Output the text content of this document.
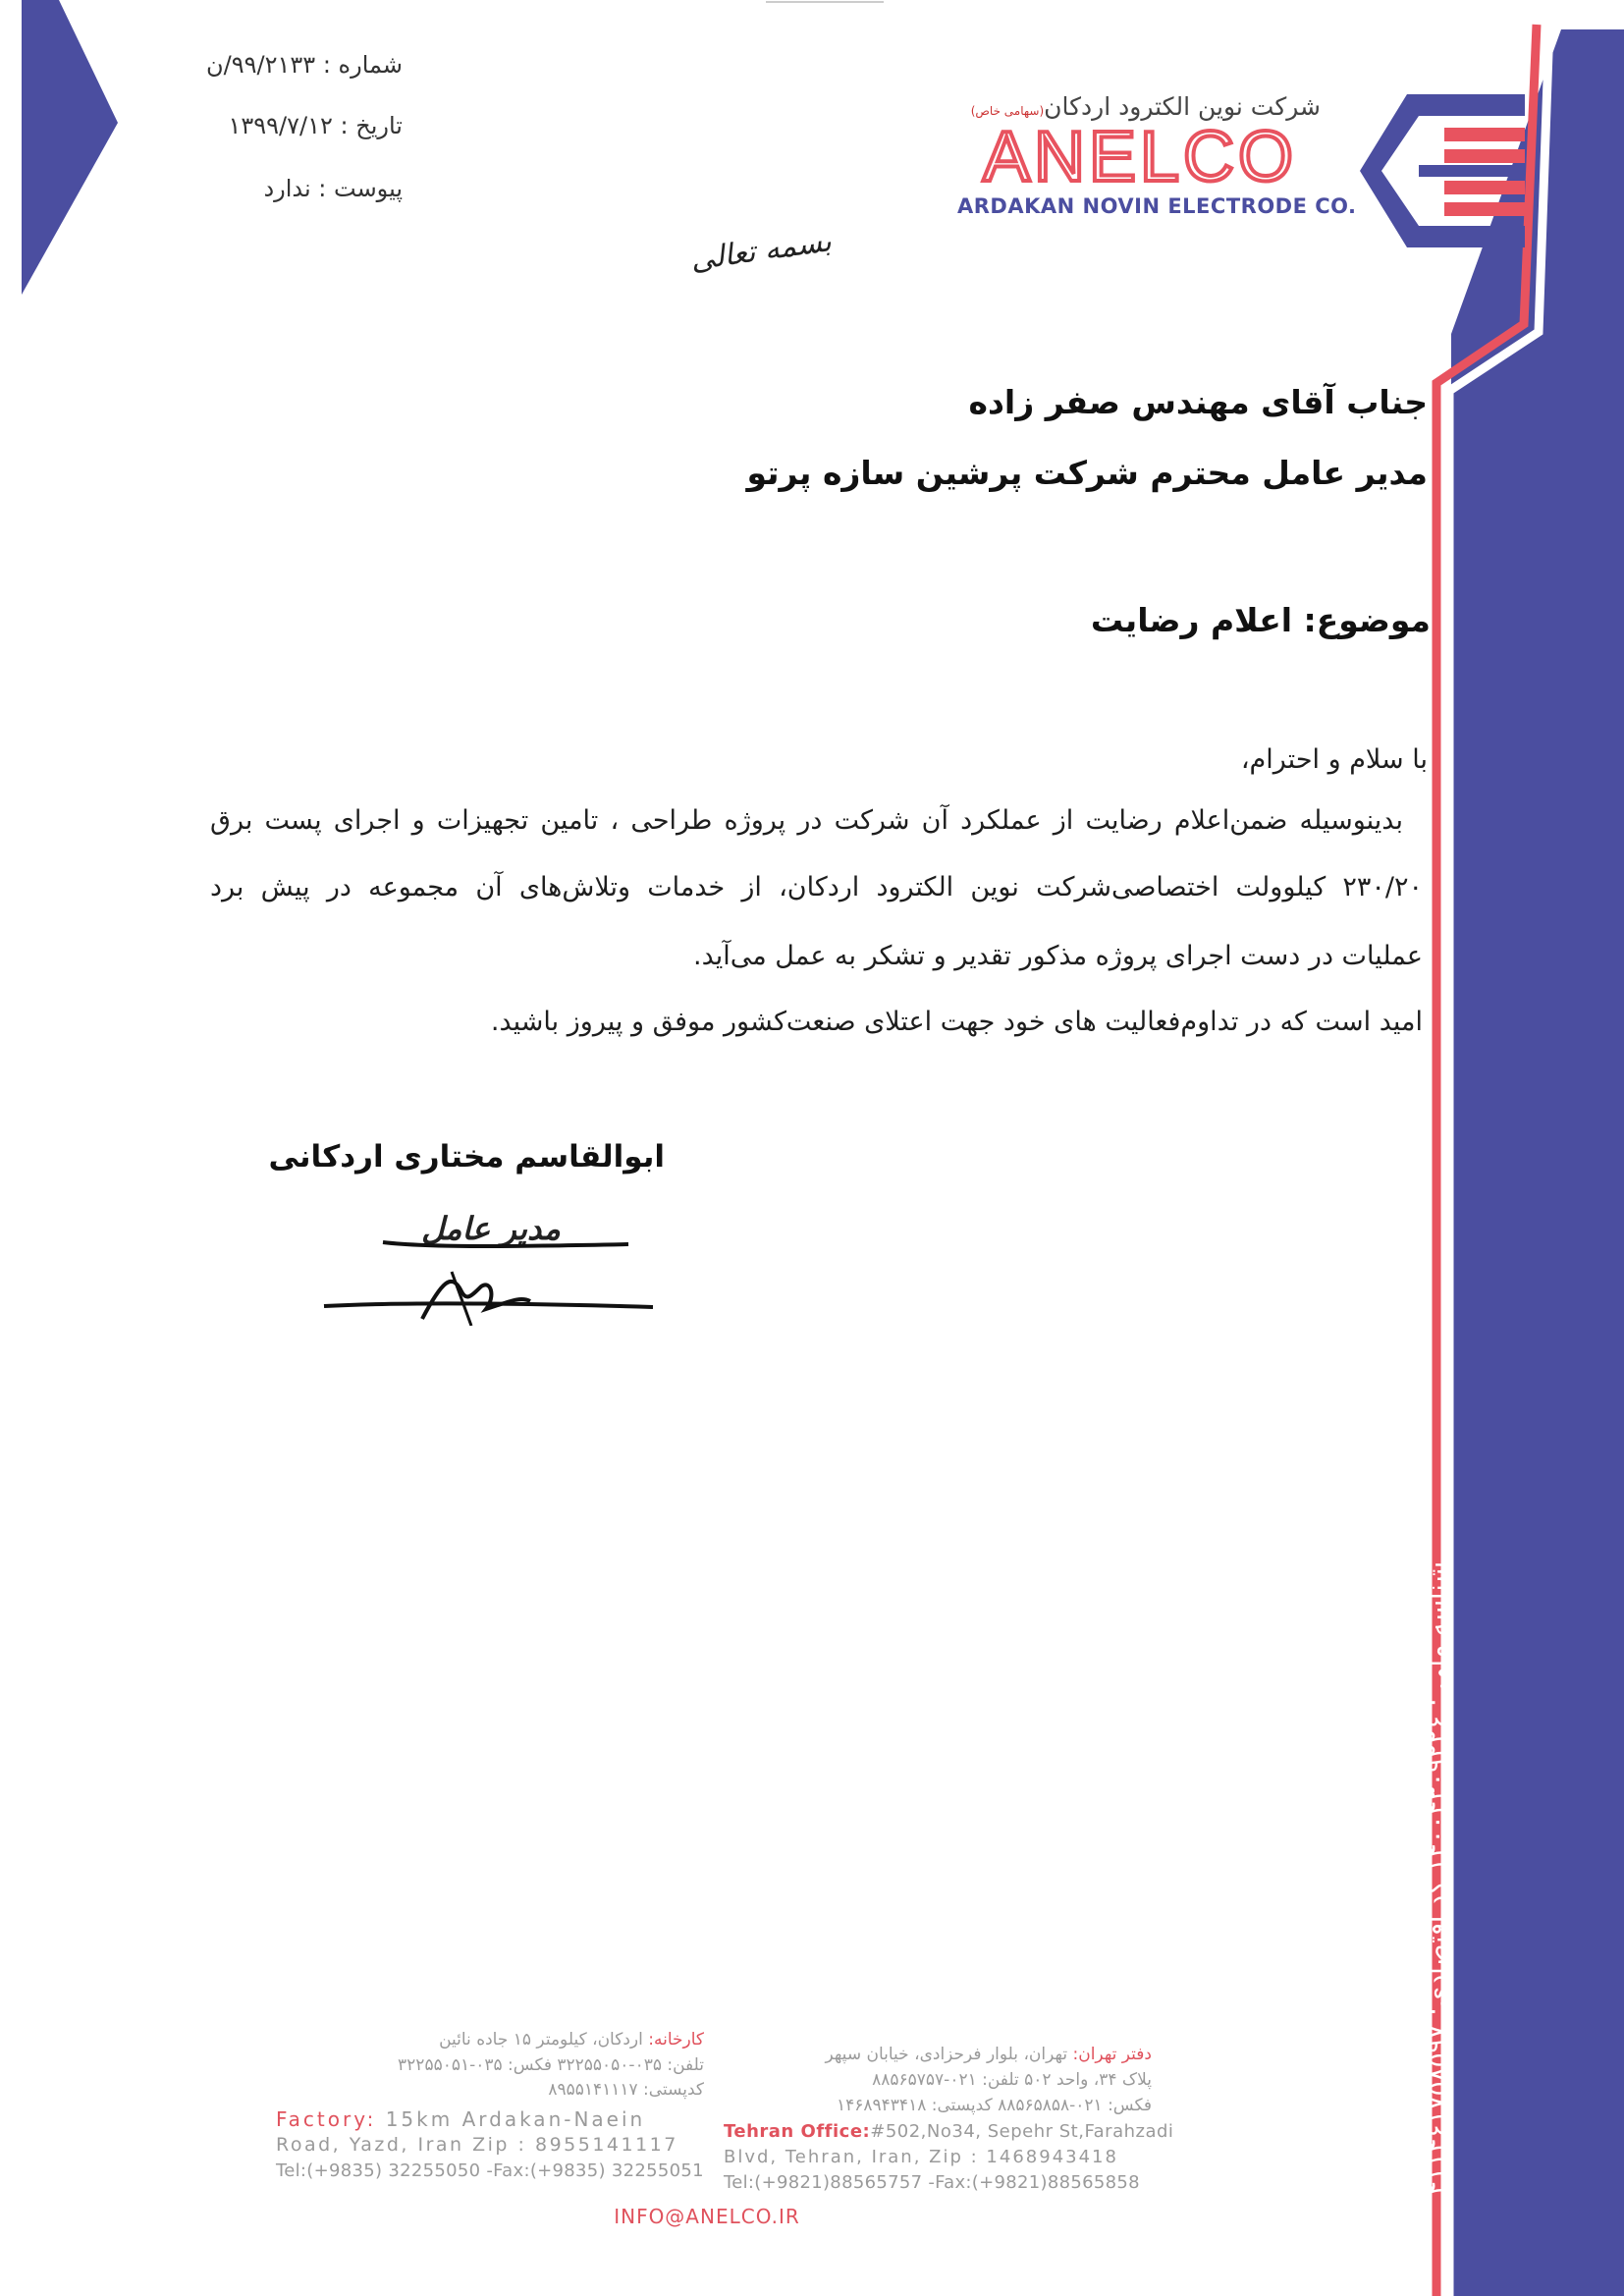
شماره : ۹۹/۲۱۳۳/ن
تاریخ : ۱۳۹۹/۷/۱۲
پیوست : ندارد
شرکت نوین الکترود اردکان(سهامی خاص)
ANELCO
ARDAKAN NOVIN ELECTRODE CO.
بسمه تعالی
جناب آقای مهندس صفر زاده
مدیر عامل محترم شرکت پرشین سازه پرتو
موضوع: اعلام رضایت
با سلام و احترام،
بدینوسیله ضمن‌اعلام رضایت از عملکرد آن شرکت در پروژه طراحی ، تامین تجهیزات و اجرای پست برق
۲۳۰/۲۰ کیلوولت اختصاصی‌شرکت نوین الکترود اردکان، از خدمات وتلاش‌های آن مجموعه در پیش برد
عملیات در دست اجرای پروژه مذکور تقدیر و تشکر به عمل می‌آید.
امید است که در تداوم‌فعالیت های خود جهت اعتلای صنعت‌کشور موفق و پیروز باشید.
ابوالقاسم مختاری اردکانی
مدیر عامل
شناسه ملی : ۱۴۰۰۴۳۰۹۲۲۶ کد اقتصادی: ۴۱۱۴۶۱۷۵۸۵۹۷
کارخانه: اردکان، کیلومتر ۱۵ جاده نائین
تلفن: ۰۳۵-۳۲۲۵۵۰۵۰ فکس: ۰۳۵-۳۲۲۵۵۰۵۱
کدپستی: ۸۹۵۵۱۴۱۱۱۷
Factory: 15km Ardakan-Naein
Road, Yazd, Iran Zip : 8955141117
Tel:(+9835) 32255050 -Fax:(+9835) 32255051
دفتر تهران: تهران، بلوار فرحزادی، خیابان سپهر
پلاک ۳۴، واحد ۵۰۲ تلفن: ۰۲۱-۸۸۵۶۵۷۵۷
فکس: ۰۲۱-۸۸۵۶۵۸۵۸ کدپستی: ۱۴۶۸۹۴۳۴۱۸
Tehran Office:#502,No34, Sepehr St,Farahzadi
Blvd, Tehran, Iran, Zip : 1468943418
Tel:(+9821)88565757 -Fax:(+9821)88565858
INFO@ANELCO.IR
